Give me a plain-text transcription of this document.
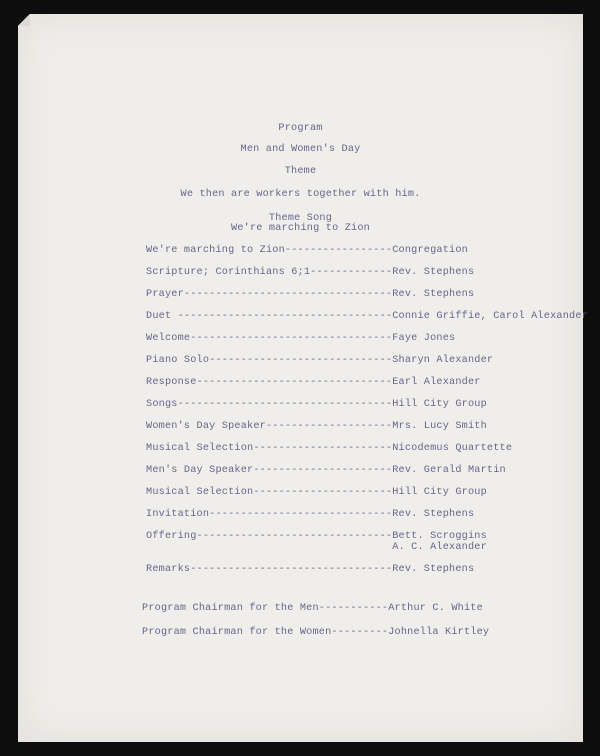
Program
Men and Women's Day
Theme
We then are workers together with him.
Theme Song
We're marching to Zion
We're marching to Zion-----------------Congregation
Scripture; Corinthians 6;1-------------Rev. Stephens
Prayer---------------------------------Rev. Stephens
Duet ----------------------------------Connie Griffie, Carol Alexander
Welcome--------------------------------Faye Jones
Piano Solo-----------------------------Sharyn Alexander
Response-------------------------------Earl Alexander
Songs----------------------------------Hill City Group
Women's Day Speaker--------------------Mrs. Lucy Smith
Musical Selection----------------------Nicodemus Quartette
Men's Day Speaker----------------------Rev. Gerald Martin
Musical Selection----------------------Hill City Group
Invitation-----------------------------Rev. Stephens
Offering-------------------------------Bett. Scroggins
A. C. Alexander
Remarks--------------------------------Rev. Stephens
Program Chairman for the Men-----------Arthur C. White
Program Chairman for the Women---------Johnella Kirtley
